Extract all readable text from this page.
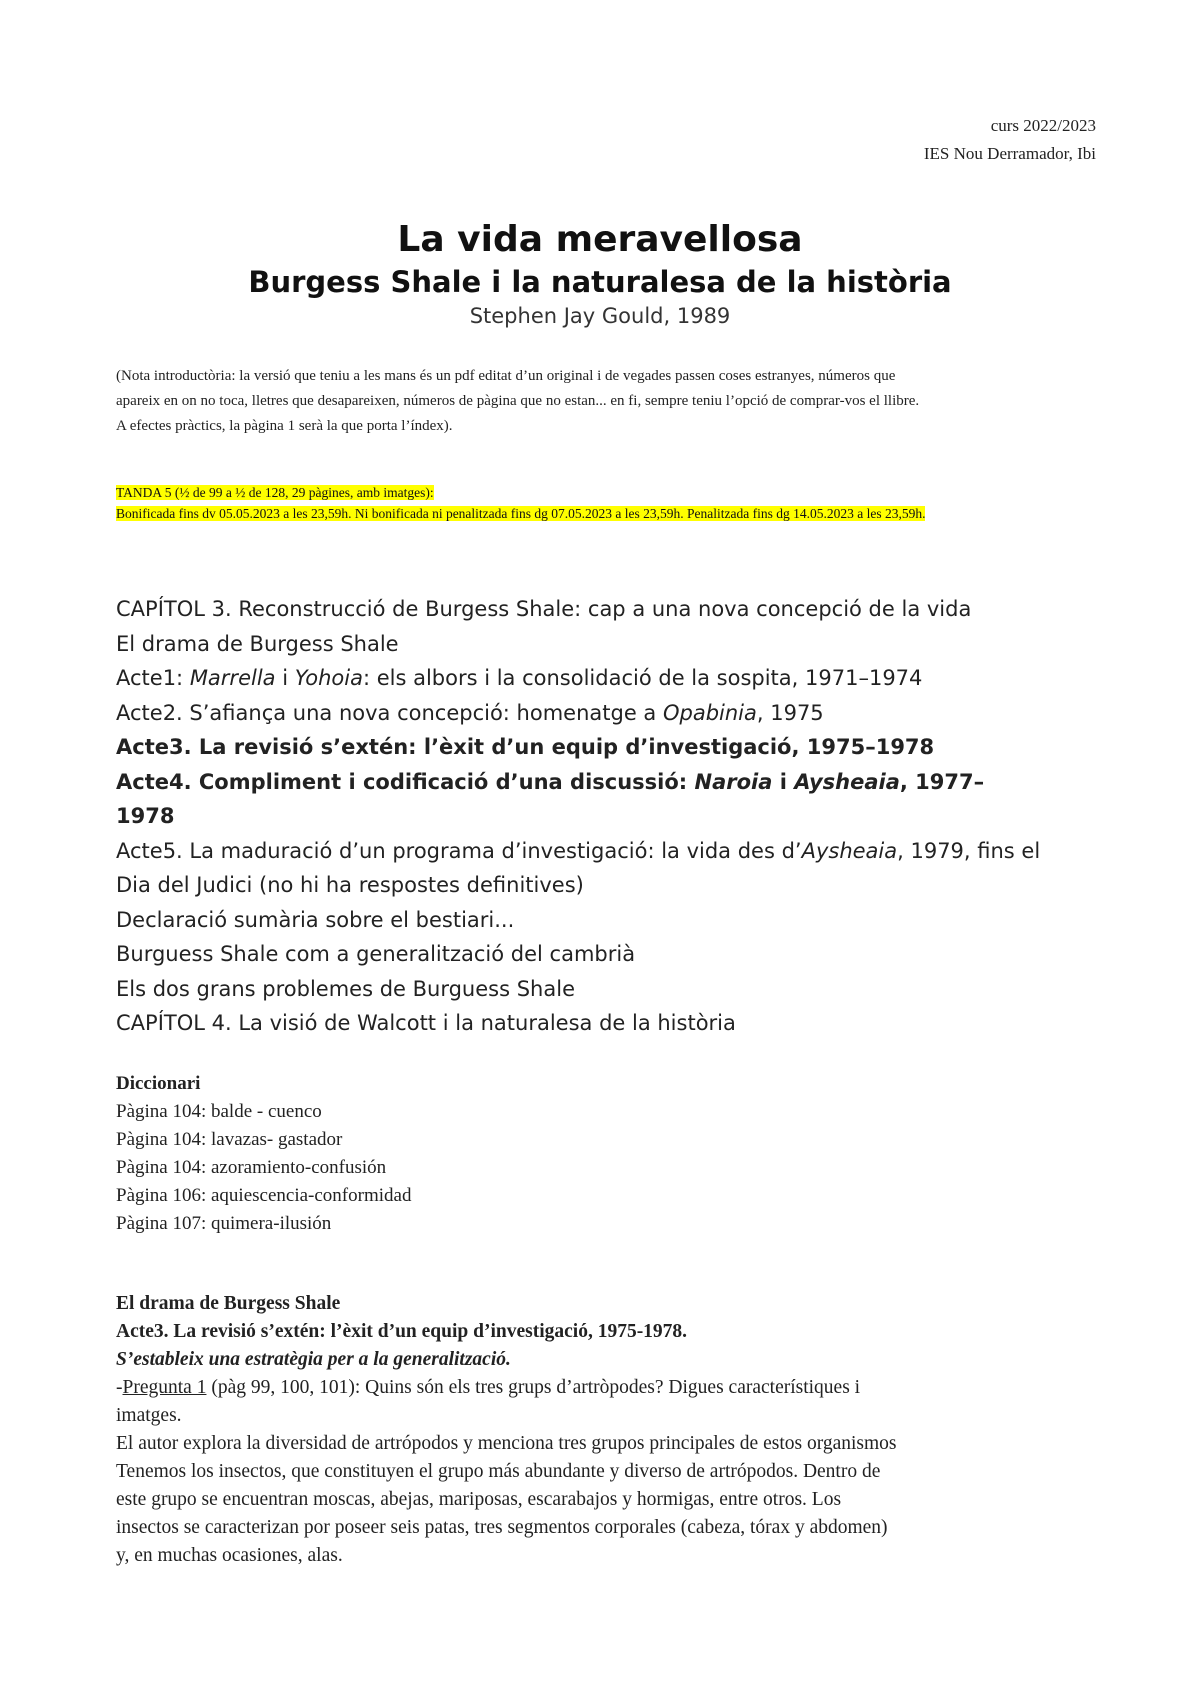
curs 2022/2023
IES Nou Derramador, Ibi
La vida meravellosa
Burgess Shale i la naturalesa de la història
Stephen Jay Gould, 1989
(Nota introductòria: la versió que teniu a les mans és un pdf editat d’un original i de vegades passen coses estranyes, números que
apareix en on no toca, lletres que desapareixen, números de pàgina que no estan... en fi, sempre teniu l’opció de comprar-vos el llibre.
A efectes pràctics, la pàgina 1 serà la que porta l’índex).
TANDA 5 (½ de 99 a ½ de 128, 29 pàgines, amb imatges):
Bonificada fins dv 05.05.2023 a les 23,59h. Ni bonificada ni penalitzada fins dg 07.05.2023 a les 23,59h. Penalitzada fins dg 14.05.2023 a les 23,59h.
CAPÍTOL 3. Reconstrucció de Burgess Shale: cap a una nova concepció de la vida
El drama de Burgess Shale
Acte1: Marrella i Yohoia: els albors i la consolidació de la sospita, 1971–1974
Acte2. S’afiança una nova concepció: homenatge a Opabinia, 1975
Acte3. La revisió s’extén: l’èxit d’un equip d’investigació, 1975–1978
Acte4. Compliment i codificació d’una discussió: Naroia i Aysheaia, 1977–
1978
Acte5. La maduració d’un programa d’investigació: la vida des d’Aysheaia, 1979, fins el
Dia del Judici (no hi ha respostes definitives)
Declaració sumària sobre el bestiari...
Burguess Shale com a generalització del cambrià
Els dos grans problemes de Burguess Shale
CAPÍTOL 4. La visió de Walcott i la naturalesa de la història
Diccionari
Pàgina 104: balde - cuenco
Pàgina 104: lavazas- gastador
Pàgina 104: azoramiento-confusión
Pàgina 106: aquiescencia-conformidad
Pàgina 107: quimera-ilusión
El drama de Burgess Shale
Acte3. La revisió s’extén: l’èxit d’un equip d’investigació, 1975-1978.
S’estableix una estratègia per a la generalització.
-Pregunta 1 (pàg 99, 100, 101): Quins són els tres grups d’artròpodes? Digues característiques i
imatges.
El autor explora la diversidad de artrópodos y menciona tres grupos principales de estos organismos
Tenemos los insectos, que constituyen el grupo más abundante y diverso de artrópodos. Dentro de
este grupo se encuentran moscas, abejas, mariposas, escarabajos y hormigas, entre otros. Los
insectos se caracterizan por poseer seis patas, tres segmentos corporales (cabeza, tórax y abdomen)
y, en muchas ocasiones, alas.
